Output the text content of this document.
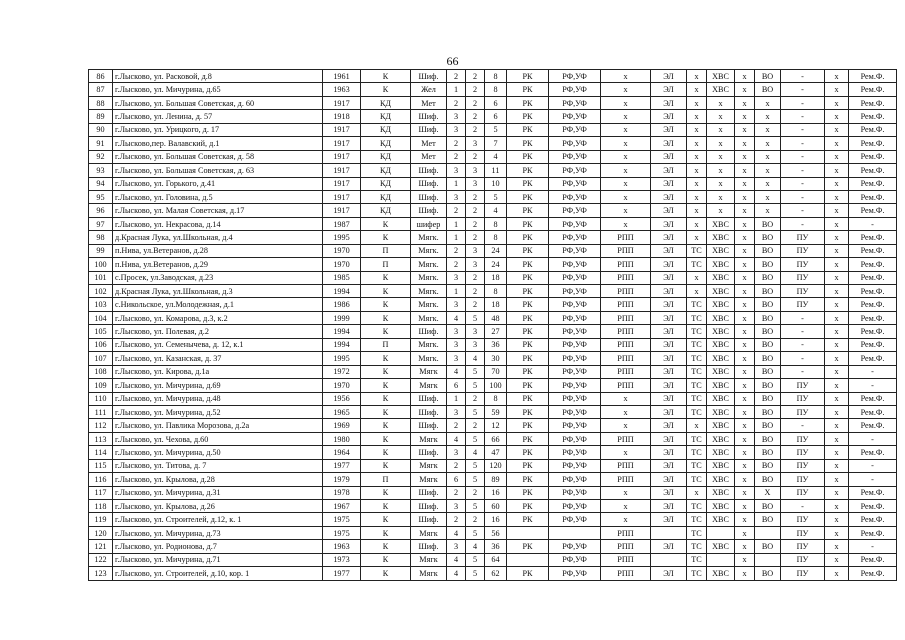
66
86	г.Лысково, ул. Расковой, д.8	1961	К	Шиф.	2	2	8	РК	РФ,УФ	х	ЭЛ	х	ХВС	х	ВО	-	х	Рем.Ф.
87	г.Лысково, ул. Мичурина, д.65	1963	К	Жел	1	2	8	РК	РФ,УФ	х	ЭЛ	х	ХВС	х	ВО	-	х	Рем.Ф.
88	г.Лысково, ул. Большая Советская, д. 60	1917	КД	Мет	2	2	6	РК	РФ,УФ	х	ЭЛ	х	х	х	х	-	х	Рем.Ф.
89	г.Лысково, ул. Ленина, д. 57	1918	КД	Шиф.	3	2	6	РК	РФ,УФ	х	ЭЛ	х	х	х	х	-	х	Рем.Ф.
90	г.Лысково, ул. Урицкого, д. 17	1917	КД	Шиф.	3	2	5	РК	РФ,УФ	х	ЭЛ	х	х	х	х	-	х	Рем.Ф.
91	г.Лысково,пер. Валавский, д.1	1917	КД	Мет	2	3	7	РК	РФ,УФ	х	ЭЛ	х	х	х	х	-	х	Рем.Ф.
92	г.Лысково, ул. Большая Советская, д. 58	1917	КД	Мет	2	2	4	РК	РФ,УФ	х	ЭЛ	х	х	х	х	-	х	Рем.Ф.
93	г.Лысково, ул. Большая Советская, д. 63	1917	КД	Шиф.	3	3	11	РК	РФ,УФ	х	ЭЛ	х	х	х	х	-	х	Рем.Ф.
94	г.Лысково, ул. Горького, д.41	1917	КД	Шиф.	1	3	10	РК	РФ,УФ	х	ЭЛ	х	х	х	х	-	х	Рем.Ф.
95	г.Лысково, ул. Головина, д.5	1917	КД	Шиф.	3	2	5	РК	РФ,УФ	х	ЭЛ	х	х	х	х	-	х	Рем.Ф.
96	г.Лысково, ул. Малая Советская, д.17	1917	КД	Шиф.	2	2	4	РК	РФ,УФ	х	ЭЛ	х	х	х	х	-	х	Рем.Ф.
97	г.Лысково, ул. Некрасова, д.14	1987	К	шифер	1	2	8	РК	РФ,УФ	х	ЭЛ	х	ХВС	х	ВО	-	х	-
98	д.Красная Лука, ул.Школьная, д.4	1995	К	Мягк.	1	2	8	РК	РФ,УФ	РПП	ЭЛ	х	ХВС	х	ВО	ПУ	х	Рем.Ф.
99	п.Нива, ул.Ветеранов, д.28	1970	П	Мягк.	2	3	24	РК	РФ,УФ	РПП	ЭЛ	ТС	ХВС	х	ВО	ПУ	х	Рем.Ф.
100	п.Нива, ул.Ветеранов, д.29	1970	П	Мягк.	2	3	24	РК	РФ,УФ	РПП	ЭЛ	ТС	ХВС	х	ВО	ПУ	х	Рем.Ф.
101	с.Просек, ул.Заводская, д.23	1985	К	Мягк.	3	2	18	РК	РФ,УФ	РПП	ЭЛ	х	ХВС	х	ВО	ПУ	х	Рем.Ф.
102	д.Красная Лука, ул.Школьная, д.3	1994	К	Мягк.	1	2	8	РК	РФ,УФ	РПП	ЭЛ	х	ХВС	х	ВО	ПУ	х	Рем.Ф.
103	с.Никольское, ул.Молодежная, д.1	1986	К	Мягк.	3	2	18	РК	РФ,УФ	РПП	ЭЛ	ТС	ХВС	х	ВО	ПУ	х	Рем.Ф.
104	г.Лысково, ул. Комарова, д.3, к.2	1999	К	Мягк.	4	5	48	РК	РФ,УФ	РПП	ЭЛ	ТС	ХВС	х	ВО	-	х	Рем.Ф.
105	г.Лысково, ул. Полевая, д.2	1994	К	Шиф.	3	3	27	РК	РФ,УФ	РПП	ЭЛ	ТС	ХВС	х	ВО	-	х	Рем.Ф.
106	г.Лысково, ул. Семенычева, д. 12, к.1	1994	П	Мягк.	3	3	36	РК	РФ,УФ	РПП	ЭЛ	ТС	ХВС	х	ВО	-	х	Рем.Ф.
107	г.Лысково, ул. Казанская, д. 37	1995	К	Мягк.	3	4	30	РК	РФ,УФ	РПП	ЭЛ	ТС	ХВС	х	ВО	-	х	Рем.Ф.
108	г.Лысково, ул. Кирова, д.1а	1972	К	Мягк	4	5	70	РК	РФ,УФ	РПП	ЭЛ	ТС	ХВС	х	ВО	-	х	-
109	г.Лысково, ул. Мичурина, д.69	1970	К	Мягк	6	5	100	РК	РФ,УФ	РПП	ЭЛ	ТС	ХВС	х	ВО	ПУ	х	-
110	г.Лысково, ул. Мичурина, д.48	1956	К	Шиф.	1	2	8	РК	РФ,УФ	х	ЭЛ	ТС	ХВС	х	ВО	ПУ	х	Рем.Ф.
111	г.Лысково, ул. Мичурина, д.52	1965	К	Шиф.	3	5	59	РК	РФ,УФ	х	ЭЛ	ТС	ХВС	х	ВО	ПУ	х	Рем.Ф.
112	г.Лысково, ул. Павлика Морозова, д.2а	1969	К	Шиф.	2	2	12	РК	РФ,УФ	х	ЭЛ	х	ХВС	х	ВО	-	х	Рем.Ф.
113	г.Лысково, ул. Чехова, д.60	1980	К	Мягк	4	5	66	РК	РФ,УФ	РПП	ЭЛ	ТС	ХВС	х	ВО	ПУ	х	-
114	г.Лысково, ул. Мичурина, д.50	1964	К	Шиф.	3	4	47	РК	РФ,УФ	х	ЭЛ	ТС	ХВС	х	ВО	ПУ	х	Рем.Ф.
115	г.Лысково, ул. Титова, д. 7	1977	К	Мягк	2	5	120	РК	РФ,УФ	РПП	ЭЛ	ТС	ХВС	х	ВО	ПУ	х	-
116	г.Лысково, ул. Крылова, д.28	1979	П	Мягк	6	5	89	РК	РФ,УФ	РПП	ЭЛ	ТС	ХВС	х	ВО	ПУ	х	-
117	г.Лысково, ул. Мичурина, д.31	1978	К	Шиф.	2	2	16	РК	РФ,УФ	х	ЭЛ	х	ХВС	х	Х	ПУ	х	Рем.Ф.
118	г.Лысково, ул. Крылова, д.26	1967	К	Шиф.	3	5	60	РК	РФ,УФ	х	ЭЛ	ТС	ХВС	х	ВО	-	х	Рем.Ф.
119	г.Лысково, ул. Строителей, д.12, к. 1	1975	К	Шиф.	2	2	16	РК	РФ,УФ	х	ЭЛ	ТС	ХВС	х	ВО	ПУ	х	Рем.Ф.
120	г.Лысково, ул. Мичурина, д.73	1975	К	Мягк	4	5	56			РПП		ТС		х		ПУ	х	Рем.Ф.
121	г.Лысково, ул. Родионова, д.7	1963	К	Шиф.	3	4	36	РК	РФ,УФ	РПП	ЭЛ	ТС	ХВС	х	ВО	ПУ	х	-
122	г.Лысково, ул. Мичурина, д.71	1973	К	Мягк	4	5	64		РФ,УФ	РПП		ТС		х		ПУ	х	Рем.Ф.
123	г.Лысково, ул. Строителей, д.10, кор. 1	1977	К	Мягк	4	5	62	РК	РФ,УФ	РПП	ЭЛ	ТС	ХВС	х	ВО	ПУ	х	Рем.Ф.
